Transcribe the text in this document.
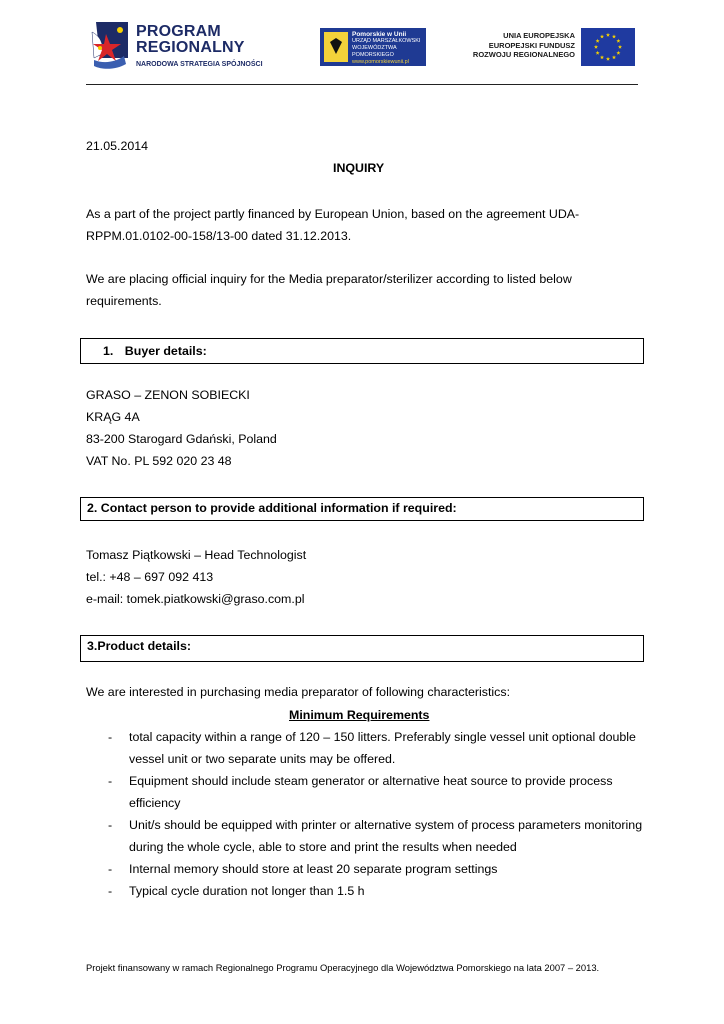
PROGRAM
REGIONALNY
NARODOWA STRATEGIA SPÓJNOŚCI
Pomorskie w Unii
URZĄD MARSZAŁKOWSKI
WOJEWÓDZTWA POMORSKIEGO
www.pomorskiewunii.pl
UNIA EUROPEJSKA
EUROPEJSKI FUNDUSZ
ROZWOJU REGIONALNEGO
21.05.2014
INQUIRY
As a part of the project partly financed by European Union, based on the agreement UDA-
RPPM.01.0102-00-158/13-00 dated 31.12.2013.
We are placing official inquiry for the Media preparator/sterilizer according to listed below
requirements.
1. Buyer details:
GRASO – ZENON SOBIECKI
KRĄG 4A
83-200 Starogard Gdański, Poland
VAT No. PL 592 020 23 48
2. Contact person to provide additional information if required:
Tomasz Piątkowski – Head Technologist
tel.: +48 – 697 092 413
e-mail: tomek.piatkowski@graso.com.pl
3.Product details:
We are interested in purchasing media preparator of following characteristics:
Minimum Requirements
- total capacity within a range of 120 – 150 litters. Preferably single vessel unit optional double
vessel unit or two separate units may be offered.
- Equipment should include steam generator or alternative heat source to provide process
efficiency
- Unit/s should be equipped with printer or alternative system of process parameters monitoring
during the whole cycle, able to store and print the results when needed
- Internal memory should store at least 20 separate program settings
- Typical cycle duration not longer than 1.5 h
Projekt finansowany w ramach Regionalnego Programu Operacyjnego dla Województwa Pomorskiego na lata 2007 – 2013.
